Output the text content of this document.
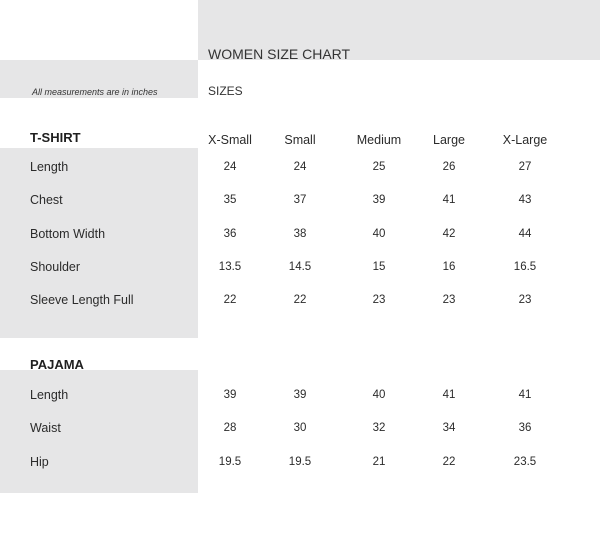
WOMEN SIZE CHART
All measurements are in inches	SIZES
T-SHIRT
PAJAMA
X-Small	Small	Medium	Large	X-Large
Length	24	24	25	26	27
Chest	35	37	39	41	43
Bottom Width	36	38	40	42	44
Shoulder	13.5	14.5	15	16	16.5
Sleeve Length Full	22	22	23	23	23
Length	39	39	40	41	41
Waist	28	30	32	34	36
Hip	19.5	19.5	21	22	23.5
